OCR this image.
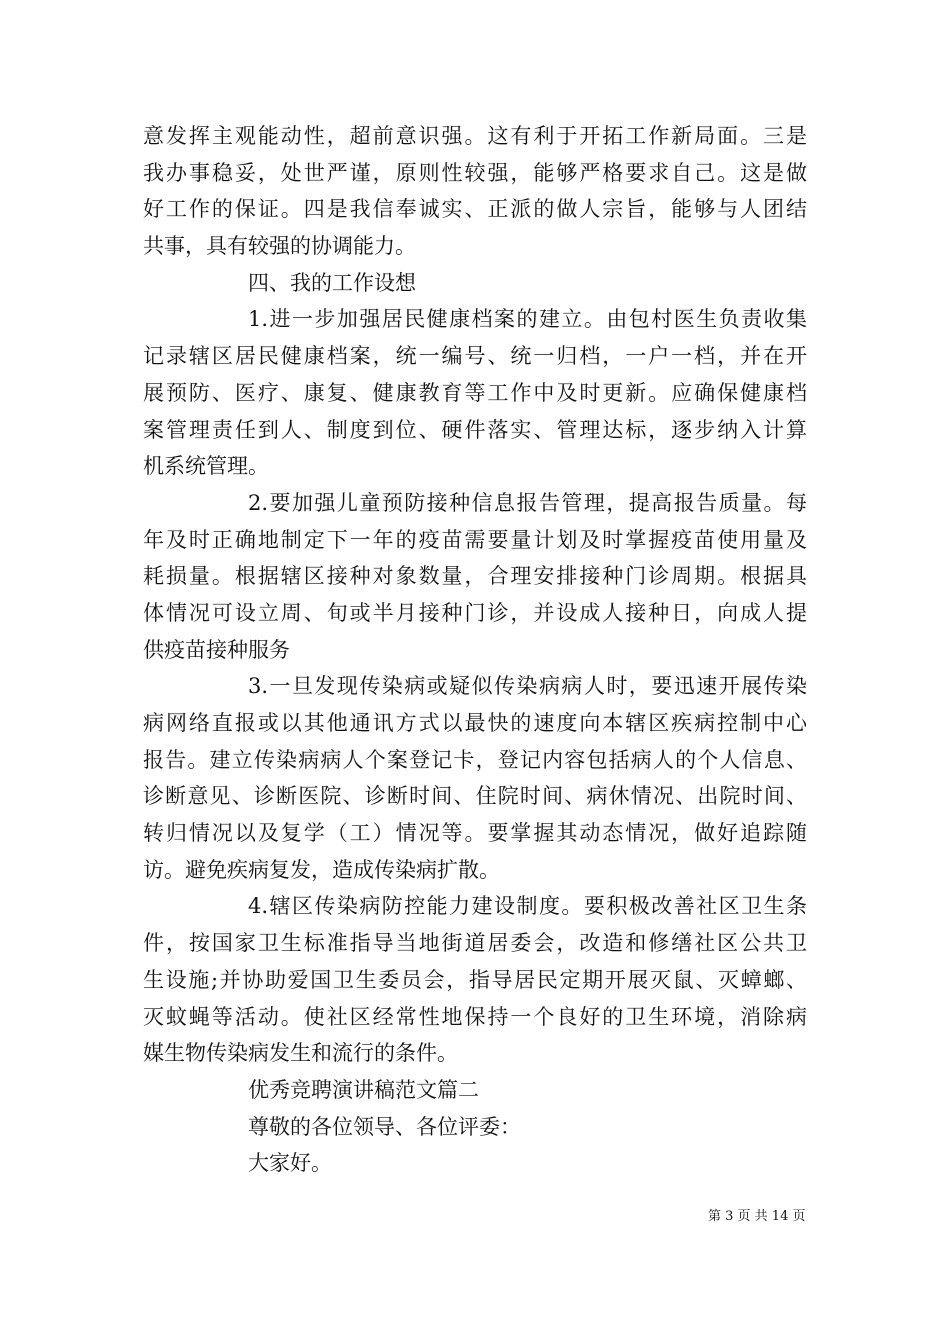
意发挥主观能动性，超前意识强。这有利于开拓工作新局面。三是
我办事稳妥，处世严谨，原则性较强，能够严格要求自己。这是做
好工作的保证。四是我信奉诚实、正派的做人宗旨，能够与人团结
共事，具有较强的协调能力。
四、我的工作设想
1.进一步加强居民健康档案的建立。由包村医生负责收集
记录辖区居民健康档案，统一编号、统一归档，一户一档，并在开
展预防、医疗、康复、健康教育等工作中及时更新。应确保健康档
案管理责任到人、制度到位、硬件落实、管理达标，逐步纳入计算
机系统管理。
2.要加强儿童预防接种信息报告管理，提高报告质量。每
年及时正确地制定下一年的疫苗需要量计划及时掌握疫苗使用量及
耗损量。根据辖区接种对象数量，合理安排接种门诊周期。根据具
体情况可设立周、旬或半月接种门诊，并设成人接种日，向成人提
供疫苗接种服务
3.一旦发现传染病或疑似传染病病人时，要迅速开展传染
病网络直报或以其他通讯方式以最快的速度向本辖区疾病控制中心
报告。建立传染病病人个案登记卡，登记内容包括病人的个人信息、
诊断意见、诊断医院、诊断时间、住院时间、病休情况、出院时间、
转归情况以及复学（工）情况等。要掌握其动态情况，做好追踪随
访。避免疾病复发，造成传染病扩散。
4.辖区传染病防控能力建设制度。要积极改善社区卫生条
件，按国家卫生标准指导当地街道居委会，改造和修缮社区公共卫
生设施;并协助爱国卫生委员会，指导居民定期开展灭鼠、灭蟑螂、
灭蚊蝇等活动。使社区经常性地保持一个良好的卫生环境，消除病
媒生物传染病发生和流行的条件。
优秀竞聘演讲稿范文篇二
尊敬的各位领导、各位评委：
大家好。
第 3 页 共 14 页
